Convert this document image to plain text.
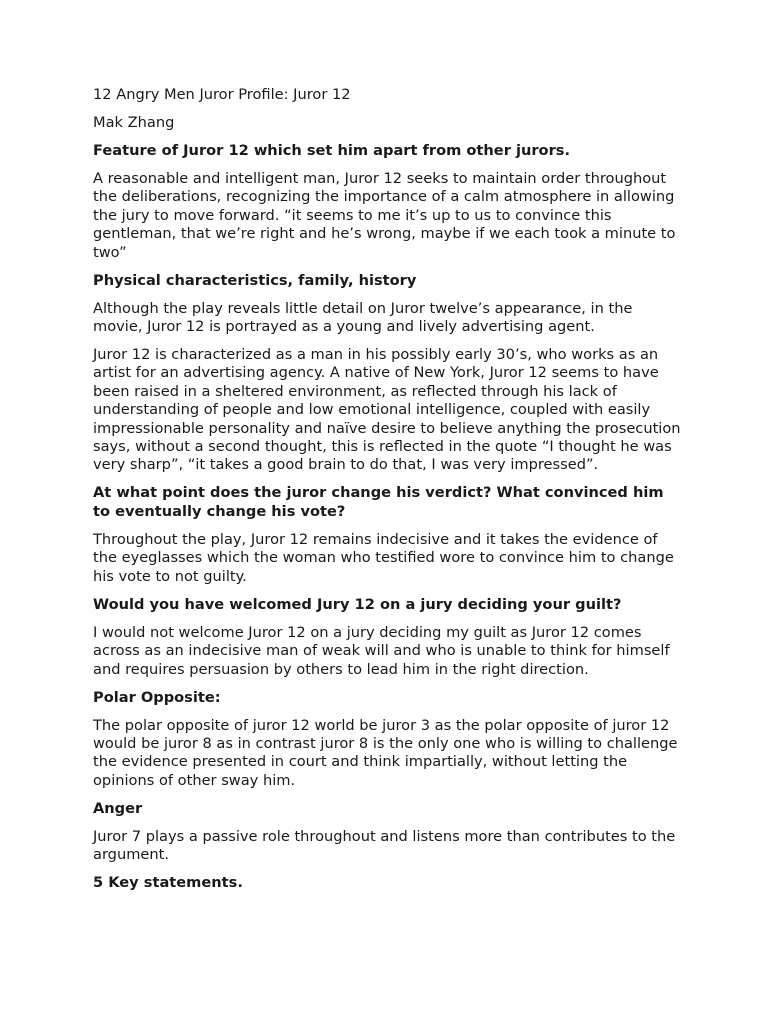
12 Angry Men Juror Profile: Juror 12
Mak Zhang
Feature of Juror 12 which set him apart from other jurors.
A reasonable and intelligent man, Juror 12 seeks to maintain order throughout the deliberations, recognizing the importance of a calm atmosphere in allowing the jury to move forward. “it seems to me it’s up to us to convince this gentleman, that we’re right and he’s wrong, maybe if we each took a minute to two”
Physical characteristics, family, history
Although the play reveals little detail on Juror twelve’s appearance, in the movie, Juror 12 is portrayed as a young and lively advertising agent.
Juror 12 is characterized as a man in his possibly early 30’s, who works as an artist for an advertising agency. A native of New York, Juror 12 seems to have been raised in a sheltered environment, as reflected through his lack of understanding of people and low emotional intelligence, coupled with easily impressionable personality and naïve desire to believe anything the prosecution says, without a second thought, this is reflected in the quote “I thought he was very sharp”, “it takes a good brain to do that, I was very impressed”.
At what point does the juror change his verdict? What convinced him to eventually change his vote?
Throughout the play, Juror 12 remains indecisive and it takes the evidence of the eyeglasses which the woman who testified wore to convince him to change his vote to not guilty.
Would you have welcomed Jury 12 on a jury deciding your guilt?
I would not welcome Juror 12 on a jury deciding my guilt as Juror 12 comes across as an indecisive man of weak will and who is unable to think for himself and requires persuasion by others to lead him in the right direction.
Polar Opposite:
The polar opposite of juror 12 world be juror 3 as the polar opposite of juror 12 would be juror 8 as in contrast juror 8 is the only one who is willing to challenge the evidence presented in court and think impartially, without letting the opinions of other sway him.
Anger
Juror 7 plays a passive role throughout and listens more than contributes to the argument.
5 Key statements.
